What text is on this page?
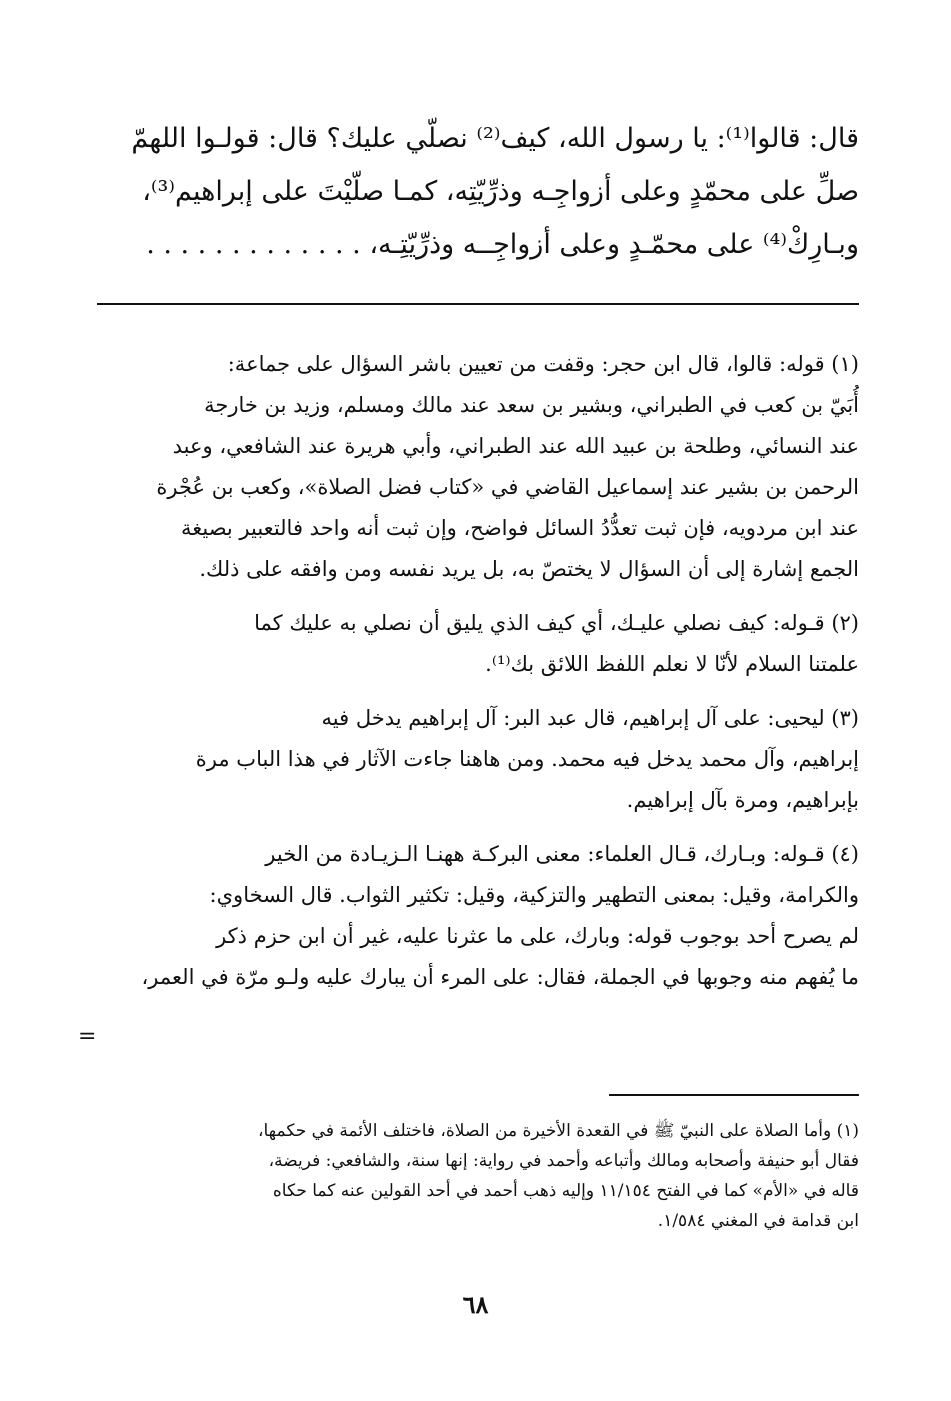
قال: قالوا⁽¹⁾: يا رسول الله، كيف⁽²⁾ نصلّي عليك؟ قال: قولـوا اللهمّ
صلِّ على محمّدٍ وعلى أزواجِـه وذرِّيّتِه، كمـا صلّيْتَ على إبراهيم⁽³⁾،
وبـارِكْ⁽⁴⁾ على محمّـدٍ وعلى أزواجِــه وذرِّيّتِـه، . . . . . . . . . . . . .
(١) قوله: قالوا، قال ابن حجر: وقفت من تعيين باشر السؤال على جماعة:
أُبَيّ بن كعب في الطبراني، وبشير بن سعد عند مالك ومسلم، وزيد بن خارجة
عند النسائي، وطلحة بن عبيد الله عند الطبراني، وأبي هريرة عند الشافعي، وعبد
الرحمن بن بشير عند إسماعيل القاضي في «كتاب فضل الصلاة»، وكعب بن عُجْرة
عند ابن مردويه، فإن ثبت تعدُّدُ السائل فواضح، وإن ثبت أنه واحد فالتعبير بصيغة
الجمع إشارة إلى أن السؤال لا يختصّ به، بل يريد نفسه ومن وافقه على ذلك.
(٢) قـوله: كيف نصلي عليـك، أي كيف الذي يليق أن نصلي به عليك كما
علمتنا السلام لأنّا لا نعلم اللفظ اللائق بك⁽¹⁾.
(٣) ليحيى: على آل إبراهيم، قال عبد البر: آل إبراهيم يدخل فيه
إبراهيم، وآل محمد يدخل فيه محمد. ومن هاهنا جاءت الآثار في هذا الباب مرة
بإبراهيم، ومرة بآل إبراهيم.
(٤) قـوله: وبـارك، قـال العلماء: معنى البركـة ههنـا الـزيـادة من الخير
والكرامة، وقيل: بمعنى التطهير والتزكية، وقيل: تكثير الثواب. قال السخاوي:
لم يصرح أحد بوجوب قوله: وبارك، على ما عثرنا عليه، غير أن ابن حزم ذكر
ما يُفهم منه وجوبها في الجملة، فقال: على المرء أن يبارك عليه ولـو مرّة في العمر،
=
(١) وأما الصلاة على النبيّ ﷺ في القعدة الأخيرة من الصلاة، فاختلف الأئمة في حكمها،
فقال أبو حنيفة وأصحابه ومالك وأتباعه وأحمد في رواية: إنها سنة، والشافعي: فريضة،
قاله في «الأم» كما في الفتح ١١/١٥٤ وإليه ذهب أحمد في أحد القولين عنه كما حكاه
ابن قدامة في المغني ١/٥٨٤.
٦٨
